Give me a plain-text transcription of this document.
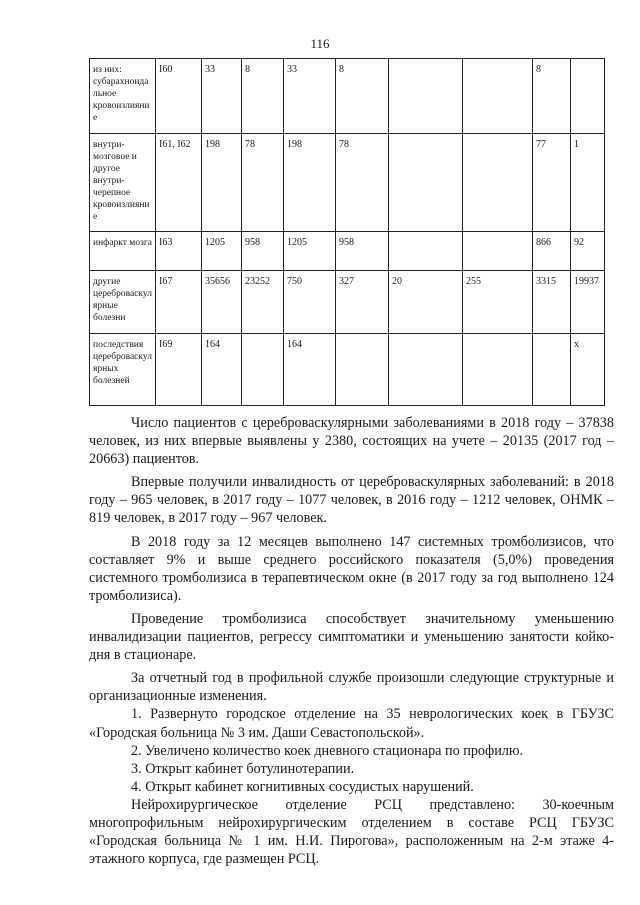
116
из них: субарахноидальное кровоизлияние	I60	33	8	33	8			8	
внутри-мозговое и другое внутри-черепное кровоизлияние	I61, I62	198	78	198	78			77	1
инфаркт мозга	I63	1205	958	1205	958			866	92
другие цереброваскулярные болезни	I67	35656	23252	750	327	20	255	3315	19937
последствия цереброваскулярных болезней	I69	164		164					x

Число пациентов с цереброваскулярными заболеваниями в 2018 году – 37838 человек, из них впервые выявлены у 2380, состоящих на учете – 20135 (2017 год – 20663) пациентов.

Впервые получили инвалидность от цереброваскулярных заболеваний: в 2018 году – 965 человек, в 2017 году – 1077 человек, в 2016 году – 1212 человек, ОНМК – 819 человек, в 2017 году – 967 человек.

В 2018 году за 12 месяцев выполнено 147 системных тромболизисов, что составляет 9% и выше среднего российского показателя (5,0%) проведения системного тромболизиса в терапевтическом окне (в 2017 году за год выполнено 124 тромболизиса).

Проведение тромболизиса способствует значительному уменьшению инвалидизации пациентов, регрессу симптоматики и уменьшению занятости койко-дня в стационаре.

За отчетный год в профильной службе произошли следующие структурные и организационные изменения.

1. Развернуто городское отделение на 35 неврологических коек в ГБУЗС «Городская больница № 3 им. Даши Севастопольской».

2. Увеличено количество коек дневного стационара по профилю.

3. Открыт кабинет ботулинотерапии.

4. Открыт кабинет когнитивных сосудистых нарушений.

Нейрохирургическое отделение РСЦ представлено: 30-коечным многопрофильным нейрохирургическим отделением в составе РСЦ ГБУЗС «Городская больница № 1 им. Н.И. Пирогова», расположенным на 2-м этаже 4-этажного корпуса, где размещен РСЦ.
